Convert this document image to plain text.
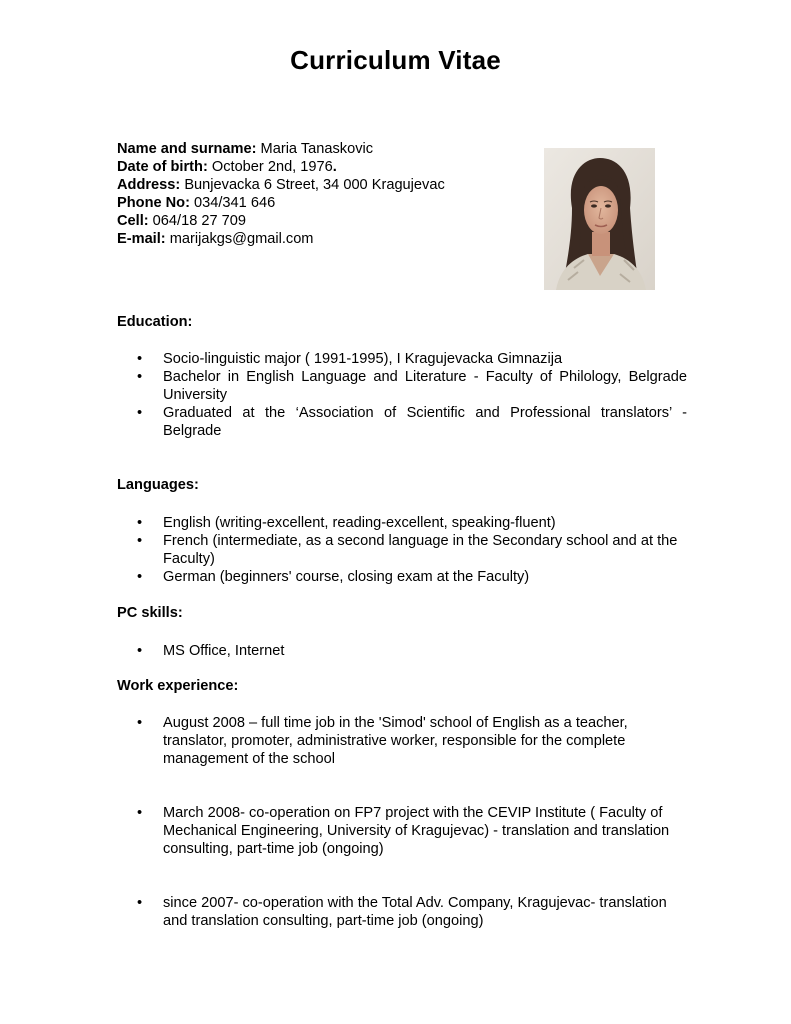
Curriculum Vitae
Name and surname: Maria Tanaskovic
Date of birth: October 2nd, 1976.
Address: Bunjevacka 6 Street, 34 000 Kragujevac
Phone No: 034/341 646
Cell: 064/18 27 709
E-mail: marijakgs@gmail.com
Education:
• Socio-linguistic major ( 1991-1995), I Kragujevacka Gimnazija
• Bachelor in English Language and Literature - Faculty of Philology, Belgrade University
• Graduated at the ‘Association of Scientific and Professional translators’ - Belgrade
Languages:
• English (writing-excellent, reading-excellent, speaking-fluent)
• French (intermediate, as a second language in the Secondary school and at the Faculty)
• German (beginners' course, closing exam at the Faculty)
PC skills:
• MS Office, Internet
Work experience:
• August 2008 – full time job in the 'Simod' school of English as a teacher, translator, promoter, administrative worker, responsible for the complete management of the school
• March 2008- co-operation on FP7 project with the CEVIP Institute ( Faculty of Mechanical Engineering, University of Kragujevac) - translation and translation consulting, part-time job (ongoing)
• since 2007- co-operation with the Total Adv. Company, Kragujevac- translation and translation consulting, part-time job (ongoing)
